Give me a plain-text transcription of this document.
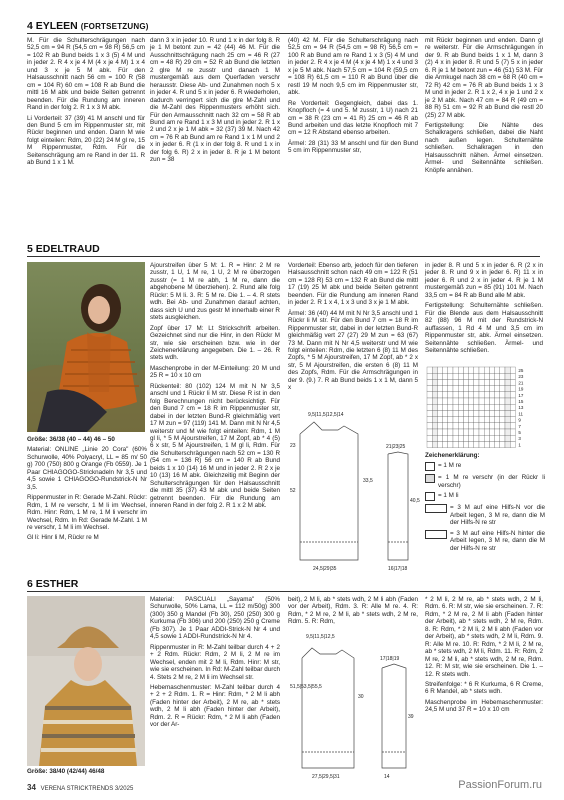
4 EYLEEN (FORTSETZUNG)

M. Für die Schulterschrägungen nach 52,5 cm = 94 R (54,5 cm = 98 R) 56,5 cm = 102 R ab Bund beids 1 x 3 (5) 4 M und in jeder 2. R 4 x je 4 M (4 x je 4 M) 1 x 4 und 3 x je 5 M abk. Für den Halsausschnitt nach 56 cm = 100 R (58 cm = 104 R) 60 cm = 108 R ab Bund die mittl 16 M abk und beide Seiten getrennt beenden. Für die Rundung am inneren Rand in der folg 2. R 1 x 3 M abk.

Li Vorderteil: 37 (39) 41 M anschl und für den Bund 5 cm im Rippenmuster str, mit Rückr beginnen und enden. Dann M wie folgt einteilen: Rdm, 20 (22) 24 M gl re, 15 M Rippenmuster, Rdm. Für die Seitenschrägung am re Rand in der 11. R ab Bund 1 x 1 M.

dann 3 x in jeder 10. R und 1 x in der folg 8. R je 1 M betont zun = 42 (44) 46 M. Für die Ausschnittschrägung nach 25 cm = 46 R (27 cm = 48 R) 29 cm = 52 R ab Bund die letzten 2 glre M re zusstr und danach 1 M mustergemäß aus dem Querfaden verschr herausstr. Diese Ab- und Zunahmen noch 5 x in jeder 4. R und 5 x in jeder 6. R wiederholen, dadurch verringert sich die glre M-Zahl und die M-Zahl des Rippenmusters erhöht sich. Für den Armausschnitt nach 32 cm = 58 R ab Bund am re Rand 1 x 3 M und in jeder 2. R 1 x 2 und 2 x je 1 M abk = 32 (37) 39 M. Nach 42 cm = 76 R ab Bund am re Rand 1 x 1 M und 2 x in jeder 6. R (1 x in der folg 8. R und 1 x in der folg 6. R) 2 x in jeder 8. R je 1 M betont zun = 38

(40) 42 M. Für die Schulterschrägung nach 52,5 cm = 94 R (54,5 cm = 98 R) 56,5 cm = 100 R ab Bund am re Rand 1 x 3 (5) 4 M und in jeder 2. R 4 x je 4 M (4 x je 4 M) 1 x 4 und 3 x je 5 M abk. Nach 57,5 cm = 104 R (59,5 cm = 108 R) 61,5 cm = 110 R ab Bund über die restl 19 M noch 9,5 cm im Rippenmuster str, abk.

Re Vorderteil: Gegengleich, dabei das 1. Knopfloch (= 4 und 5. M zusstr, 1 U) nach 21 cm = 38 R (23 cm = 41 R) 25 cm = 46 R ab Bund arbeiten und das letzte Knopfloch mit 7 cm = 12 R Abstand ebenso arbeiten.

Ärmel: 28 (31) 33 M anschl und für den Bund 5 cm im Rippenmuster str,

mit Rückr beginnen und enden. Dann gl re weiterstr. Für die Armschrägungen in der 9. R ab Bund beids 1 x 1 M, dann 3 (2) 4 x in jeder 8. R und 5 (7) 5 x in jeder 6. R je 1 M betont zun = 46 (51) 53 M. Für die Armkugel nach 38 cm = 68 R (40 cm = 72 R) 42 cm = 76 R ab Bund beids 1 x 3 M und in jeder 2. R 1 x 2, 4 x je 1 und 2 x je 2 M abk. Nach 47 cm = 84 R (49 cm = 88 R) 51 cm = 92 R ab Bund die restl 20 (25) 27 M abk.

Fertigstellung: Die Nähte des Schalkragens schließen, dabei die Naht nach außen legen. Schulternähte schließen. Schalkragen in den Halsausschnitt nähen. Ärmel einsetzen. Ärmel- und Seitennähte schließen. Knöpfe annähen.

5 EDELTRAUD

Größe: 36/38 (40 – 44) 46 – 50

Material: ONLINE „Linie 20 Cora" (60% Schurwolle, 40% Polyacryl, LL = 85 m/ 50 g) 700 (750) 800 g Orange (Fb 0559). Je 1 Paar CHIAGOGO-Stricknadeln Nr 3,5 und 4,5 sowie 1 CHIAGOGO-Rundstrick-N Nr 3,5.

Rippenmuster in R: Gerade M-Zahl. Rückr: Rdm, 1 M re verschr, 1 M li im Wechsel, Rdm. Hinr: Rdm, 1 M re, 1 M li verschr im Wechsel, Rdm. In Rd: Gerade M-Zahl. 1 M re verschr, 1 M li im Wechsel.

Gl li: Hinr li M, Rückr re M

Ajourstreifen über 5 M: 1. R = Hinr: 2 M re zusstr, 1 U, 1 M re, 1 U, 2 M re überzogen zusstr (= 1 M re abh, 1 M re, dann die abgehobene M überziehen). 2. Rund alle folg Rückr: 5 M li. 3. R: 5 M re. Die 1. – 4. R stets wdh. Bei Ab- und Zunahmen darauf achten, dass sich U und zus gestr M innerhalb einer R stets ausgleichen.

Zopf über 17 M: Lt Strickschrift arbeiten. Gezeichnet sind nur die Hinr, in den Rückr M str, wie sie erscheinen bzw. wie in der Zeichenerklärung angegeben. Die 1. – 26. R stets wdh.

Maschenprobe in der M-Einteilung: 20 M und 25 R = 10 x 10 cm

Rückenteil: 80 (102) 124 M mit N Nr 3,5 anschl und 1 Rückr li M str. Diese R ist in den folg Berechnungen nicht berücksichtigt. Für den Bund 7 cm = 18 R im Rippenmuster str, dabei in der letzten Bund-R gleichmäßig vert 17 M zun = 97 (119) 141 M. Dann mit N Nr 4,5 weiterstr und M wie folgt einteilen: Rdm, 1 M gl li, * 5 M Ajourstreifen, 17 M Zopf, ab * 4 (5) 6 x str, 5 M Ajourstreifen, 1 M gl li, Rdm. Für die Schulterschrägungen nach 52 cm = 130 R (54 cm = 136 R) 56 cm = 140 R ab Bund beids 1 x 10 (14) 16 M und in jeder 2. R 2 x je 10 (13) 16 M abk. Gleichzeitig mit Beginn der Schulterschrägungen für den Halsausschnitt die mittl 35 (37) 43 M abk und beide Seiten getrennt beenden. Für die Rundung am inneren Rand in der folg 2. R 1 x 2 M abk.

Vorderteil: Ebenso arb, jedoch für den tieferen Halsausschnitt schon nach 49 cm = 122 R (51 cm = 128 R) 53 cm = 132 R ab Bund die mittl 17 (19) 25 M abk und beide Seiten getrennt beenden. Für die Rundung am inneren Rand in jeder 2. R 1 x 4, 1 x 3 und 3 x je 1 M abk.

Ärmel: 36 (40) 44 M mit N Nr 3,5 anschl und 1 Rückr li M str. Für den Bund 7 cm = 18 R im Rippenmuster str, dabei in der letzten Bund-R gleichmäßig vert 27 (27) 29 M zun = 63 (67) 73 M. Dann mit N Nr 4,5 weiterstr und M wie folgt einteilen: Rdm, die letzten 6 (8) 11 M des Zopfs, * 5 M Ajourstreifen, 17 M Zopf, ab * 2 x str, 5 M Ajourstreifen, die ersten 6 (8) 11 M des Zopfs, Rdm. Für die Armschrägungen in der 9. (9.) 7. R ab Bund beids 1 x 1 M, dann 5 x

in jeder 8. R und 5 x in jeder 6. R (2 x in jeder 8. R und 9 x in jeder 6. R) 11 x in jeder 6. R und 2 x in jeder 4. R je 1 M mustergemäß zun = 85 (91) 101 M. Nach 33,5 cm = 84 R ab Bund alle M abk.

Fertigstellung: Schulternähte schließen. Für die Blende aus dem Halsausschnitt 82 (88) 96 M mit der Rundstrick-N auffassen, 1 Rd 4 M und 3,5 cm im Rippenmuster str, abk. Ärmel einsetzen. Seitennähte schließen. Ärmel- und Seitennähte schließen.

25
23
21
19
17
15
13
11
9
7
5
3
1

Zeichenerklärung:

= 1 M re
= 1 M re verschr (in der Rückr li verschr)
= 1 M li
= 3 M auf eine Hilfs-N vor die Arbeit legen, 3 M re, dann die M der Hilfs-N re str
= 3 M auf eine Hilfs-N hinter die Arbeit legen, 3 M re, dann die M der Hilfs-N re str
9,5|11,5|12,5|14
23
52
33,5
24,5|29|35
21|23|25
40,5
16|17|18
6 ESTHER

Größe: 38/40 (42/44) 46/48

Material: PASCUALI „Sayama" (50% Schurwolle, 50% Lama, LL = 112 m/50g) 300 (300) 350 g Mandel (Fb 30), 250 (250) 300 g Kurkuma (Fb 306) und 200 (250) 250 g Creme (Fb 307). Je 1 Paar ADDI-Strick-N Nr 4 und 4,5 sowie 1 ADDI-Rundstrick-N Nr 4.

Rippenmuster in R: M-Zahl teilbar durch 4 + 2 + 2 Rdm. Rückr: Rdm, 2 M li, 2 M re im Wechsel, enden mit 2 M li, Rdm. Hinr: M str, wie sie erscheinen. In Rd: M-Zahl teilbar durch 4. Stets 2 M re, 2 M li im Wechsel str.

Hebemaschenmuster: M-Zahl teilbar durch 4 + 2 + 2 Rdm. 1. R = Hinr: Rdm, * 2 M li abh (Faden hinter der Arbeit), 2 M re, ab * stets wdh, 2 M li abh (Faden hinter der Arbeit), Rdm. 2. R = Rückr: Rdm, * 2 M li abh (Faden vor der Ar-

beit), 2 M li, ab * stets wdh, 2 M li abh (Faden vor der Arbeit), Rdm. 3. R: Alle M re. 4. R: Rdm, * 2 M re, 2 M li, ab * stets wdh, 2 M re, Rdm. 5. R: Rdm,

* 2 M li, 2 M re, ab * stets wdh, 2 M li, Rdm. 6. R: M str, wie sie erscheinen. 7. R: Rdm, * 2 M re, 2 M li abh (Faden hinter der Arbeit), ab * stets wdh, 2 M re, Rdm. 8. R: Rdm, * 2 M li, 2 M li abh (Faden vor der Arbeit), ab * stets wdh, 2 M li, Rdm. 9. R: Alle M re. 10. R: Rdm, * 2 M li, 2 M re, ab * stets wdh, 2 M li, Rdm. 11. R: Rdm, 2 M re, 2 M li, ab * stets wdh, 2 M re, Rdm. 12. R: M str, wie sie erscheinen. Die 1. – 12. R stets wdh.

Streifenfolge: * 6 R Kurkuma, 6 R Creme, 6 R Mandel, ab * stets wdh.

Maschenprobe im Hebemaschenmuster: 24,5 M und 37 R = 10 x 10 cm

9,5|11,5|12,5
51,5|53,5|55,5
30
27,5|29,5|31
17|18|19
39
14
34 VERENA STRICKTRENDS 3/2025	PassionForum.ru
